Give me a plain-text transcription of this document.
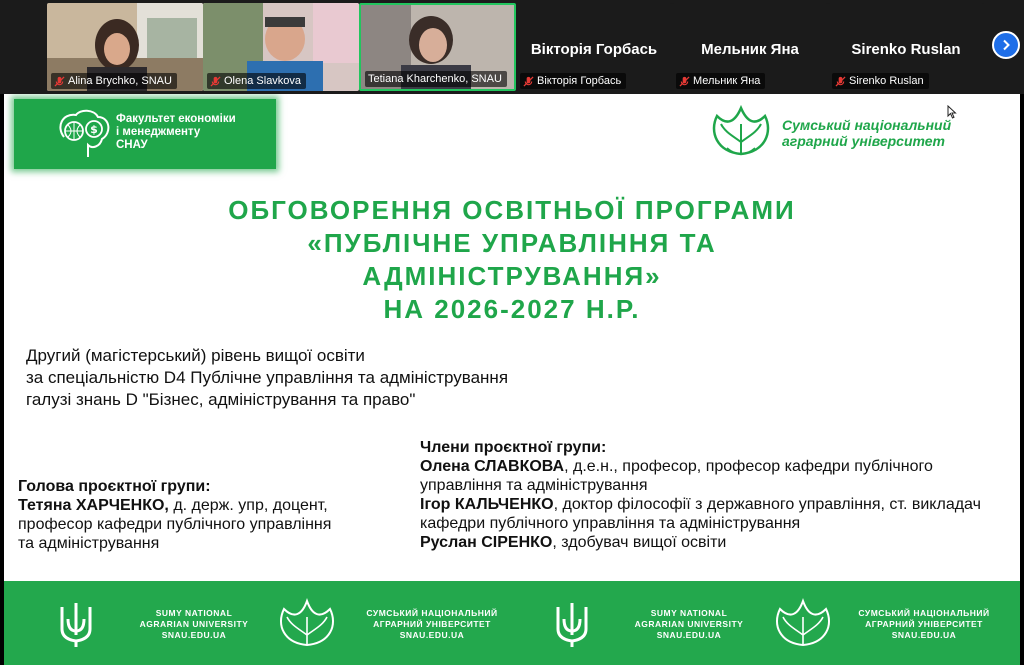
Alina Brychko, SNAU	Olena Slavkova	Tetiana Kharchenko, SNAU
Вікторія Горбась
Вікторія Горбась
Мельник Яна
Мельник Яна
Sirenko Ruslan
Sirenko Ruslan
$
Факультет економіки
і менеджменту
СНАУ
Сумський національний
аграрний університет
ОБГОВОРЕННЯ ОСВІТНЬОЇ ПРОГРАМИ
«ПУБЛІЧНЕ УПРАВЛІННЯ ТА
АДМІНІСТРУВАННЯ»
НА 2026-2027 Н.Р.
Другий (магістерський) рівень вищої освіти
за спеціальністю D4 Публічне управління та адміністрування
галузі знань D "Бізнес, адміністрування та право"
Голова проєктної групи:
Тетяна ХАРЧЕНКО, д. держ. упр, доцент, професор кафедри публічного управління та адміністрування
Члени проєктної групи:
Олена СЛАВКОВА, д.е.н., професор, професор кафедри публічного
управління та адміністрування
Ігор КАЛЬЧЕНКО, доктор філософії з державного управління, ст. викладач кафедри публічного управління та адміністрування
Руслан СІРЕНКО, здобувач вищої освіти
SUMY NATIONAL
AGRARIAN UNIVERSITY
SNAU.EDU.UA
СУМСЬКИЙ НАЦІОНАЛЬНИЙ
АГРАРНИЙ УНІВЕРСИТЕТ
SNAU.EDU.UA
SUMY NATIONAL
AGRARIAN UNIVERSITY
SNAU.EDU.UA
СУМСЬКИЙ НАЦІОНАЛЬНИЙ
АГРАРНИЙ УНІВЕРСИТЕТ
SNAU.EDU.UA
